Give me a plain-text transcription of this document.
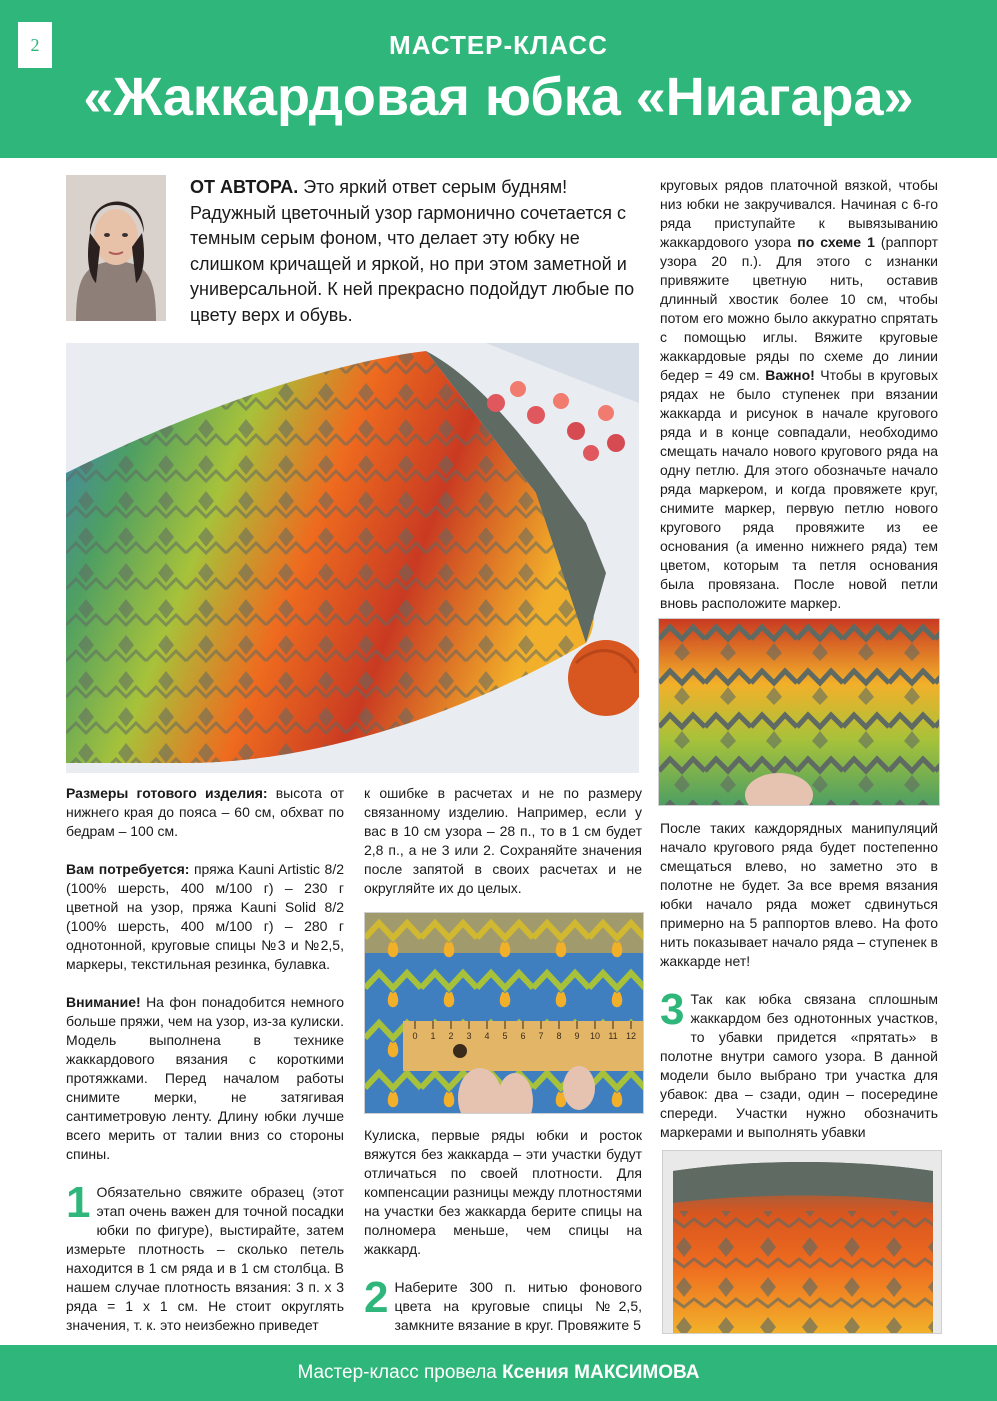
2	МАСТЕР-КЛАСС
«Жаккардовая юбка «Ниагара»
ОТ АВТОРА. Это яркий ответ серым будням! Радужный цветочный узор гармонично сочетается с темным серым фоном, что делает эту юбку не слишком кричащей и яркой, но при этом заметной и универсальной. К ней прекрасно подойдут любые по цвету верх и обувь.

Размеры готового изделия: высота от нижнего края до пояса – 60 см, обхват по бедрам – 100 см.

Вам потребуется: пряжа Kauni Artistic 8/2 (100% шерсть, 400 м/100 г) – 230 г цветной на узор, пряжа Kauni Solid 8/2 (100% шерсть, 400 м/100 г) – 280 г однотонной, круговые спицы №3 и №2,5, маркеры, текстильная резинка, булавка.

Внимание! На фон понадобится немного больше пряжи, чем на узор, из-за кулиски. Модель выполнена в технике жаккардового вязания с короткими протяжками. Перед началом работы снимите мерки, не затягивая сантиметровую ленту. Длину юбки лучше всего мерить от талии вниз со стороны спины.

1 Обязательно свяжите образец (этот этап очень важен для точной посадки юбки по фигуре), выстирайте, затем измерьте плотность – сколько петель находится в 1 см ряда и в 1 см столбца. В нашем случае плотность вязания: 3 п. х 3 ряда = 1 х 1 см. Не стоит округлять значения, т. к. это неизбежно приведет

к ошибке в расчетах и не по размеру связанному изделию. Например, если у вас в 10 см узора – 28 п., то в 1 см будет 2,8 п., а не 3 или 2. Сохраняйте значения после запятой в своих расчетах и не округляйте их до целых.

0 1 2 3 4 5 6 7 8 9 10 11 12

Кулиска, первые ряды юбки и росток вяжутся без жаккарда – эти участки будут отличаться по своей плотности. Для компенсации разницы между плотностями на участки без жаккарда берите спицы на полномера меньше, чем спицы на жаккард.

2 Наберите 300 п. нитью фонового цвета на круговые спицы №2,5, замкните вязание в круг. Провяжите 5

круговых рядов платочной вязкой, чтобы низ юбки не закручивался. Начиная с 6-го ряда приступайте к вывязыванию жаккардового узора по схеме 1 (раппорт узора 20 п.). Для этого с изнанки привяжите цветную нить, оставив длинный хвостик более 10 см, чтобы потом его можно было аккуратно спрятать с помощью иглы. Вяжите круговые жаккардовые ряды по схеме до линии бедер = 49 см. Важно! Чтобы в круговых рядах не было ступенек при вязании жаккарда и рисунок в начале кругового ряда и в конце совпадали, необходимо смещать начало нового кругового ряда на одну петлю. Для этого обозначьте начало ряда маркером, и когда провяжете круг, снимите маркер, первую петлю нового кругового ряда провяжите из ее основания (а именно нижнего ряда) тем цветом, которым та петля основания была провязана. После новой петли вновь расположите маркер.

После таких каждорядных манипуляций начало кругового ряда будет постепенно смещаться влево, но заметно это в полотне не будет. За все время вязания юбки начало ряда может сдвинуться примерно на 5 раппортов влево. На фото нить показывает начало ряда – ступенек в жаккарде нет!

3 Так как юбка связана сплошным жаккардом без однотонных участков, то убавки придется «прятать» в полотне внутри самого узора. В данной модели было выбрано три участка для убавок: два – сзади, один – посередине спереди. Участки нужно обозначить маркерами и выполнять убавки

Мастер-класс провела Ксения МАКСИМОВА
